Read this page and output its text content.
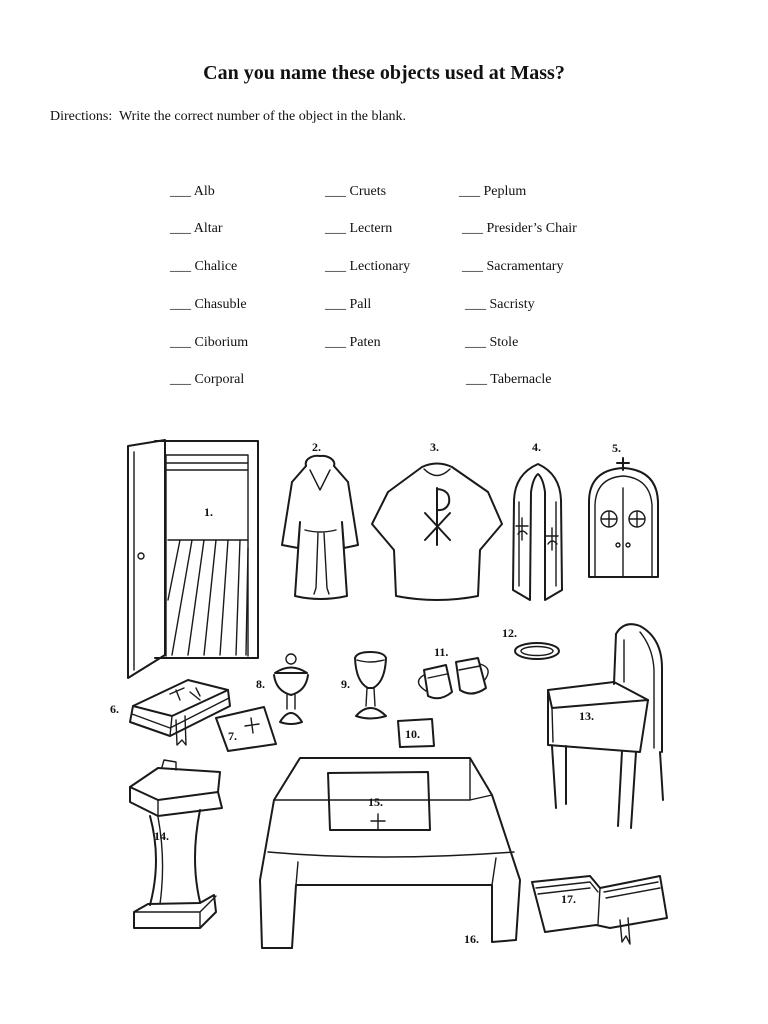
Can you name these objects used at Mass?
Directions:  Write the correct number of the object in the blank.
___ Alb
___ Altar
___ Chalice
___ Chasuble
___ Ciborium
___ Corporal
___ Cruets
___ Lectern
___ Lectionary
___ Pall
___ Paten
___ Peplum
___ Presider’s Chair
___ Sacramentary
___ Sacristy
___ Stole
___ Tabernacle
1.
2.	3.	4.	5.
6.
7.
8.	9.
10.
11.
12.
13.
14.
15.
16.
17.
